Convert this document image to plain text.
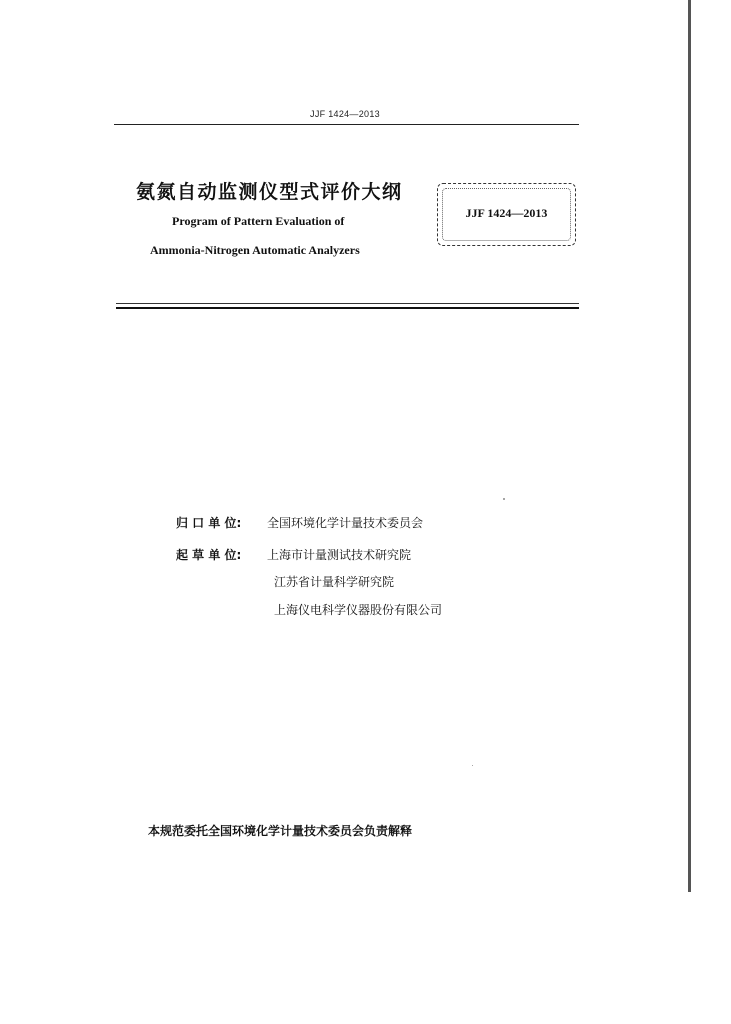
JJF 1424—2013
氨氮自动监测仪型式评价大纲
Program of Pattern Evaluation of
Ammonia-Nitrogen Automatic Analyzers
JJF 1424—2013
归 口 单 位: 全国环境化学计量技术委员会
起 草 单 位: 上海市计量测试技术研究院
江苏省计量科学研究院
上海仪电科学仪器股份有限公司
本规范委托全国环境化学计量技术委员会负责解释
